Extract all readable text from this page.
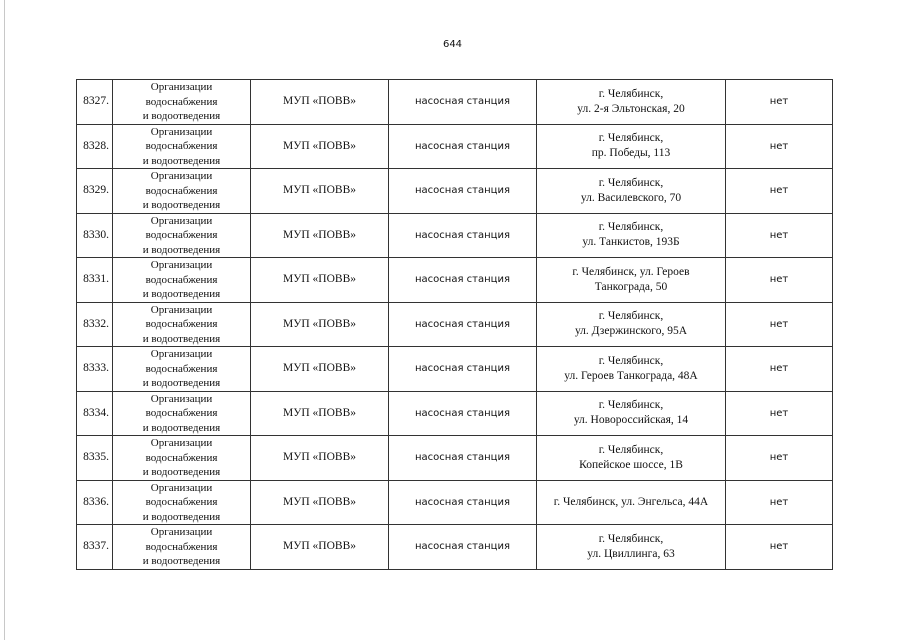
644
8327.	Организации
водоснабжения
и водоотведения	МУП «ПОВВ»	насосная станция	г. Челябинск,
ул. 2-я Эльтонская, 20	нет
8328.	Организации
водоснабжения
и водоотведения	МУП «ПОВВ»	насосная станция	г. Челябинск,
пр. Победы, 113	нет
8329.	Организации
водоснабжения
и водоотведения	МУП «ПОВВ»	насосная станция	г. Челябинск,
ул. Василевского, 70	нет
8330.	Организации
водоснабжения
и водоотведения	МУП «ПОВВ»	насосная станция	г. Челябинск,
ул. Танкистов, 193Б	нет
8331.	Организации
водоснабжения
и водоотведения	МУП «ПОВВ»	насосная станция	г. Челябинск, ул. Героев
Танкограда, 50	нет
8332.	Организации
водоснабжения
и водоотведения	МУП «ПОВВ»	насосная станция	г. Челябинск,
ул. Дзержинского, 95А	нет
8333.	Организации
водоснабжения
и водоотведения	МУП «ПОВВ»	насосная станция	г. Челябинск,
ул. Героев Танкограда, 48А	нет
8334.	Организации
водоснабжения
и водоотведения	МУП «ПОВВ»	насосная станция	г. Челябинск,
ул. Новороссийская, 14	нет
8335.	Организации
водоснабжения
и водоотведения	МУП «ПОВВ»	насосная станция	г. Челябинск,
Копейское шоссе, 1В	нет
8336.	Организации
водоснабжения
и водоотведения	МУП «ПОВВ»	насосная станция	г. Челябинск, ул. Энгельса, 44А	нет
8337.	Организации
водоснабжения
и водоотведения	МУП «ПОВВ»	насосная станция	г. Челябинск,
ул. Цвиллинга, 63	нет
